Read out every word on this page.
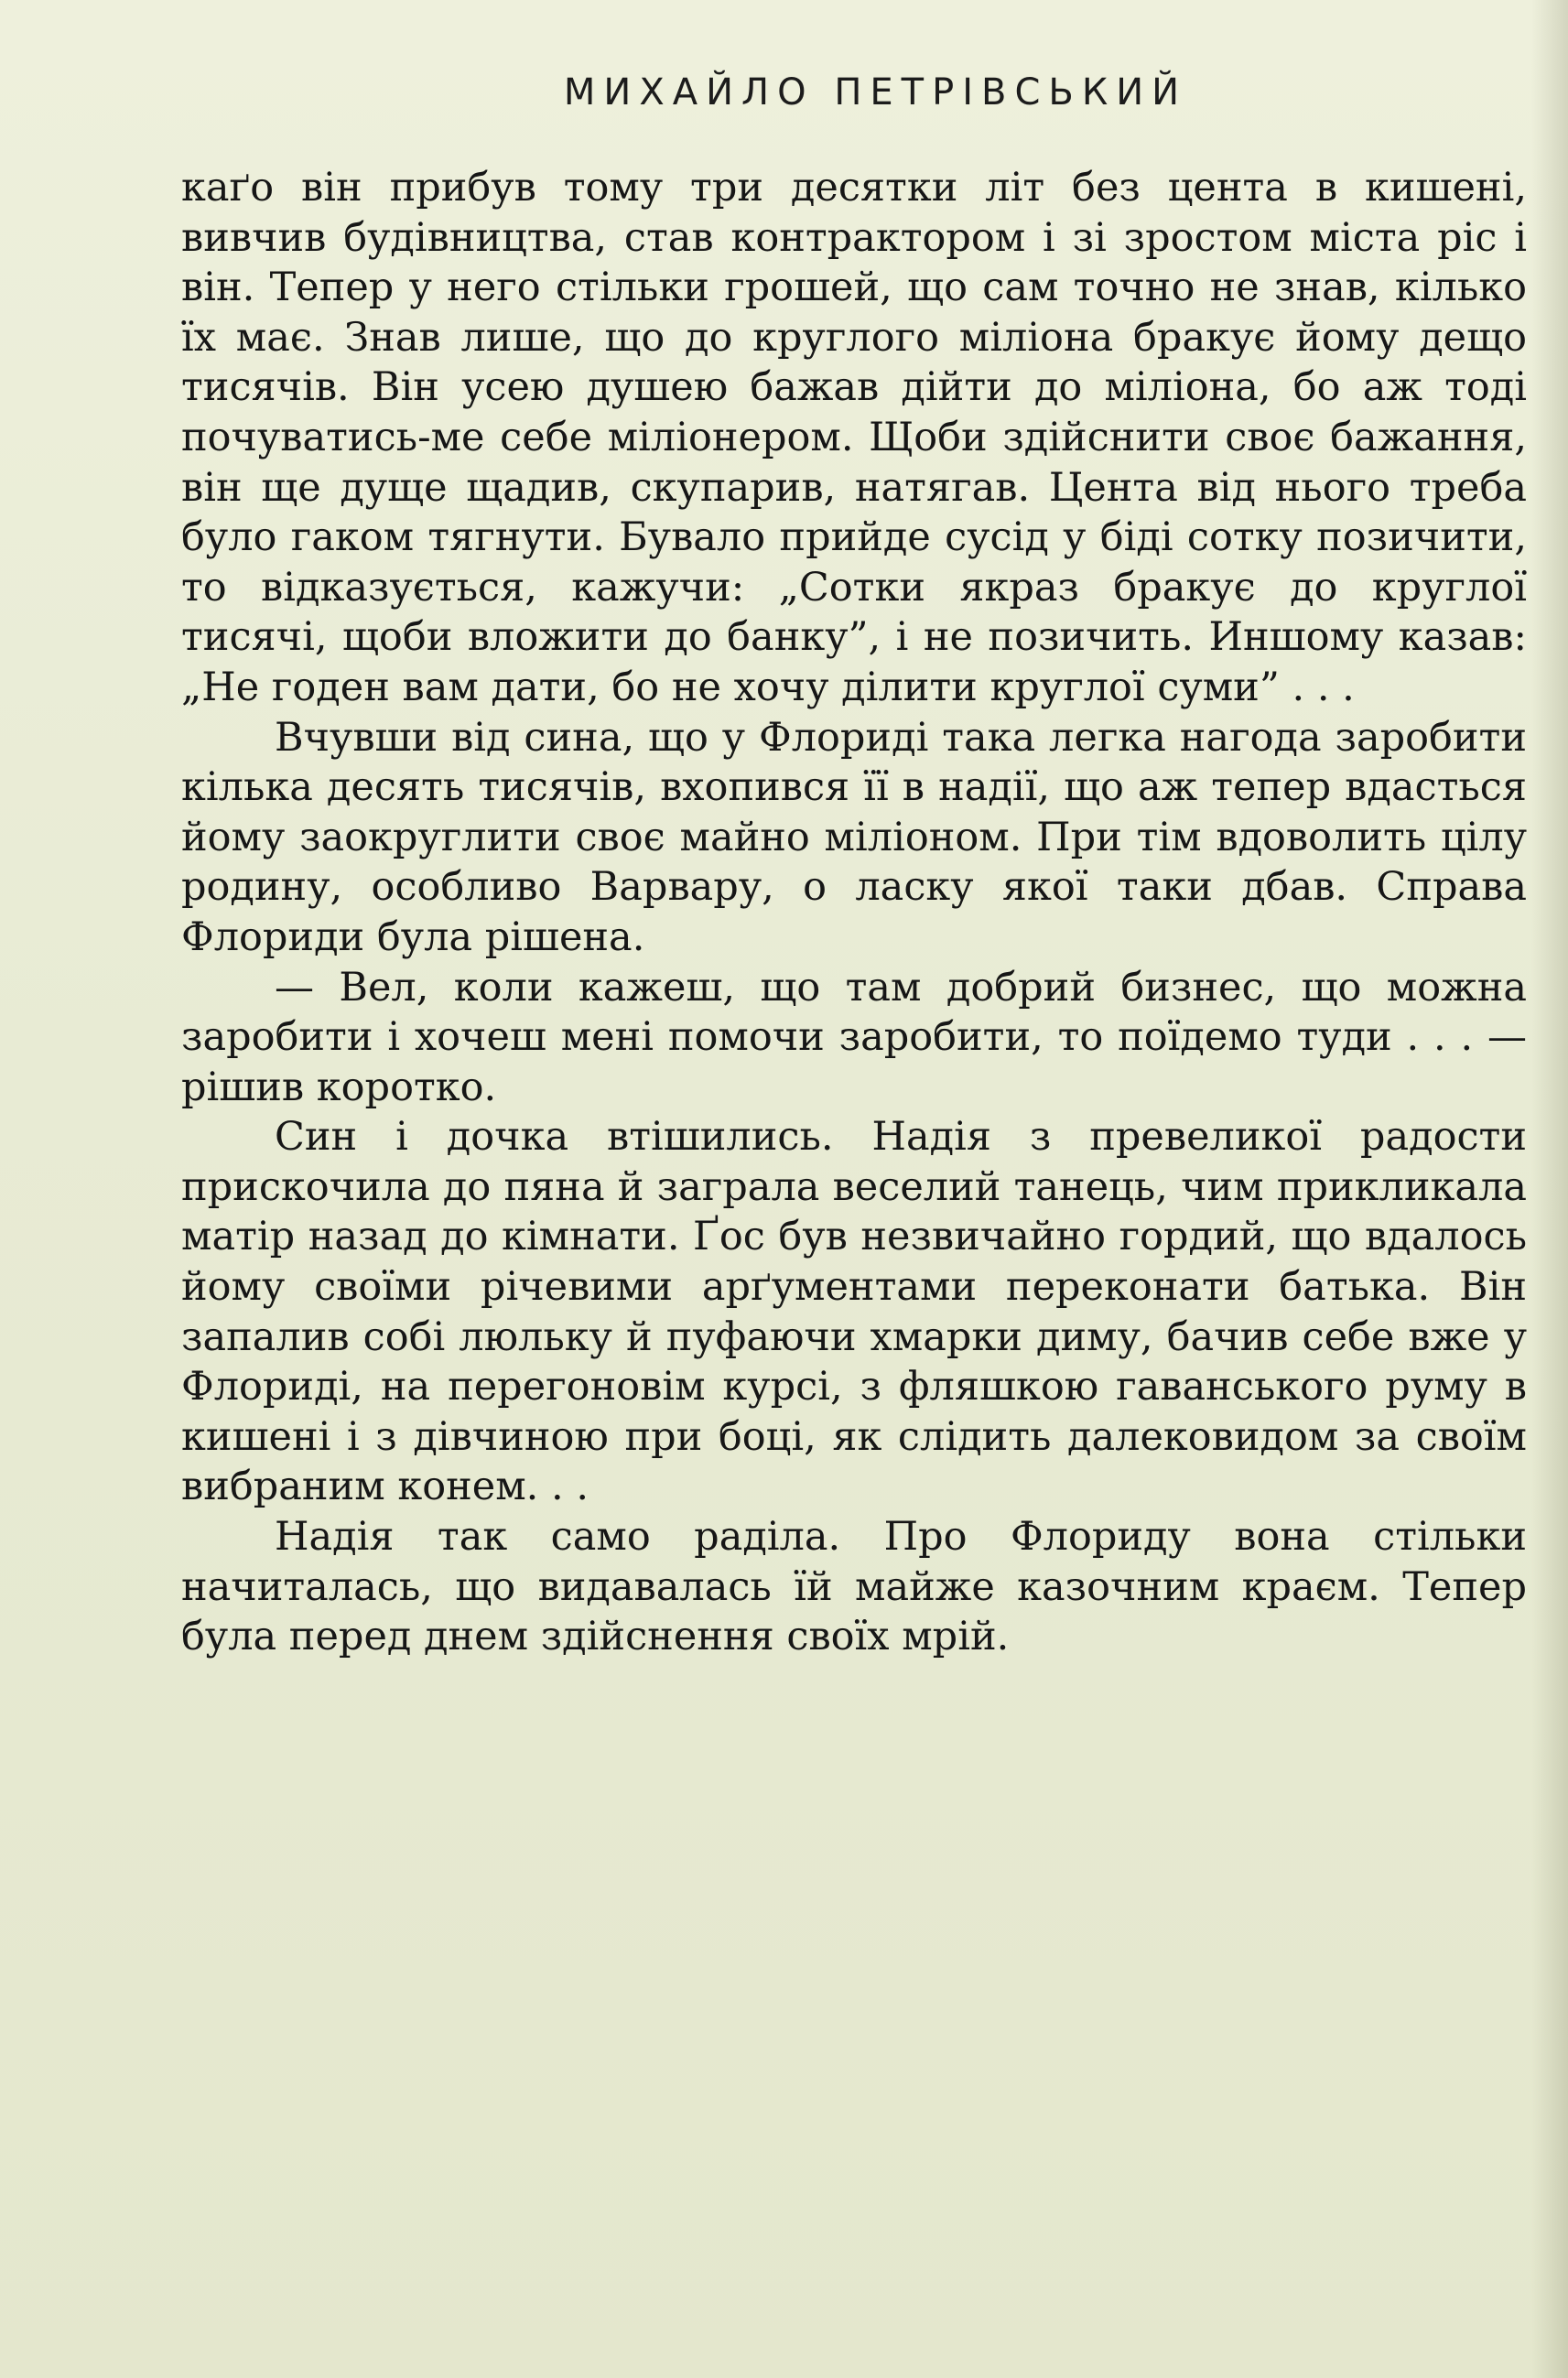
МИХАЙЛО ПЕТРІВСЬКИЙ

каґо він прибув тому три десятки літ без цента в кишені, вивчив будівництва, став контрактором і зі зростом міста ріс і він. Тепер у него стільки грошей, що сам точно не знав, кілько їх має. Знав лише, що до круглого міліона бракує йому дещо тисячів. Він усею душею бажав дійти до міліона, бо аж тоді почуватись-ме себе міліонером. Щоби здійснити своє бажання, він ще дуще щадив, скупарив, натягав. Цента від нього треба було гаком тягнути. Бувало прийде сусід у біді сотку позичити, то відказується, кажучи: „Сотки якраз бракує до круглої тисячі, щоби вложити до банку”, і не позичить. Иншому казав: „Не годен вам дати, бо не хочу ділити круглої суми” . . .

Вчувши від сина, що у Флориді така легка нагода заробити кілька десять тисячів, вхопився її в надії, що аж тепер вдасться йому заокруглити своє майно міліоном. При тім вдоволить цілу родину, особливо Варвару, о ласку якої таки дбав. Справа Флориди була рішена.

— Вел, коли кажеш, що там добрий бизнес, що можна заробити і хочеш мені помочи заробити, то поїдемо туди . . . — рішив коротко.

Син і дочка втішились. Надія з превеликої радости прискочила до пяна й заграла веселий танець, чим прикликала матір назад до кімнати. Ґос був незвичайно гордий, що вдалось йому своїми річевими арґументами переконати батька. Він запалив собі люльку й пуфаючи хмарки диму, бачив себе вже у Флориді, на перегоновім курсі, з фляшкою гаванського руму в кишені і з дівчиною при боці, як слідить далековидом за своїм вибраним конем. . .

Надія так само раділа. Про Флориду вона стільки начиталась, що видавалась їй майже казочним краєм. Тепер була перед днем здійснення своїх мрій.
